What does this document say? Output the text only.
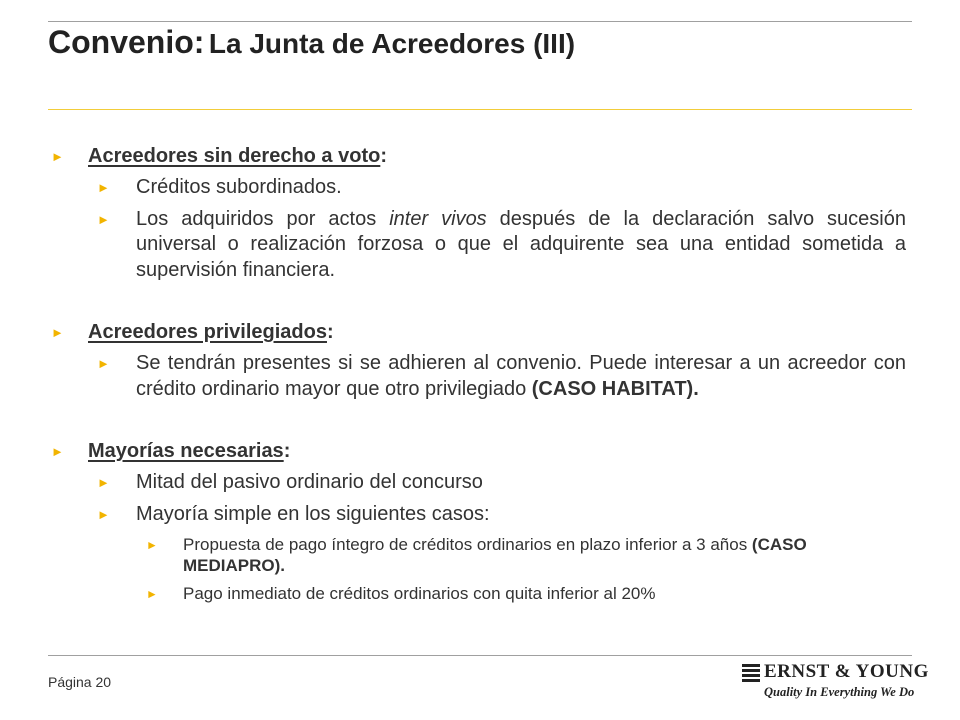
Convenio: La Junta de Acreedores (III)
► Acreedores sin derecho a voto:
► Créditos subordinados.
► Los adquiridos por actos inter vivos después de la declaración salvo sucesión universal o realización forzosa o que el adquirente sea una entidad sometida a supervisión financiera.
► Acreedores privilegiados:
► Se tendrán presentes si se adhieren al convenio. Puede interesar a un acreedor con crédito ordinario mayor que otro privilegiado (CASO HABITAT).
► Mayorías necesarias:
► Mitad del pasivo ordinario del concurso
► Mayoría simple en los siguientes casos:
► Propuesta de pago íntegro de créditos ordinarios en plazo inferior a 3 años (CASO MEDIAPRO).
► Pago inmediato de créditos ordinarios con quita inferior al 20%
Página 20	ERNST & YOUNG
Quality In Everything We Do
